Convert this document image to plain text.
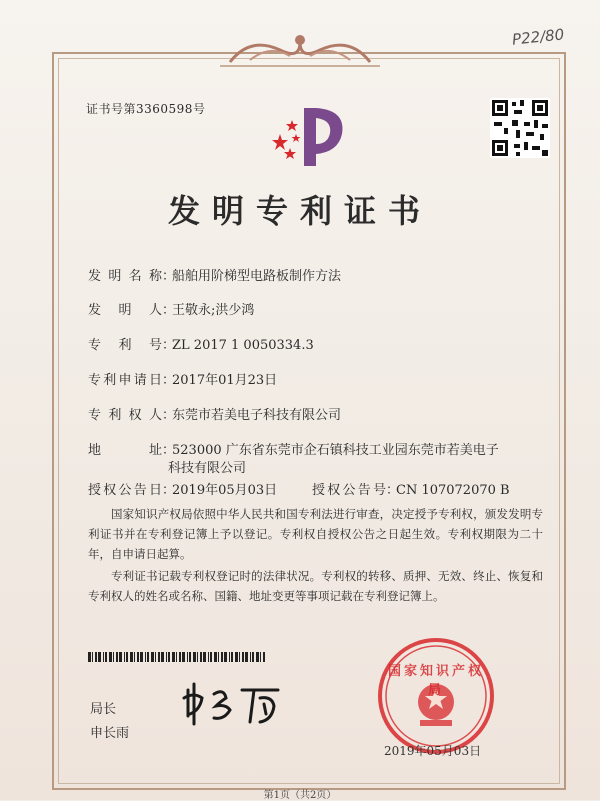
P22/80
证书号第3360598号
发明专利证书
发明名称：船舶用阶梯型电路板制作方法
发明人：王敬永;洪少鸿
专利号：ZL 2017 1 0050334.3
专利申请日：2017年01月23日
专利权人：东莞市若美电子科技有限公司
地址：523000 广东省东莞市企石镇科技工业园东莞市若美电子
科技有限公司
授权公告日：2019年05月03日	授权公告号：CN 107072070 B
国家知识产权局依照中华人民共和国专利法进行审查，决定授予专利权，颁发发明专利证书并在专利登记簿上予以登记。专利权自授权公告之日起生效。专利权期限为二十年，自申请日起算。
专利证书记载专利权登记时的法律状况。专利权的转移、质押、无效、终止、恢复和专利权人的姓名或名称、国籍、地址变更等事项记载在专利登记簿上。
局长
申长雨
国家知识产权局
2019年05月03日
第1页（共2页）
